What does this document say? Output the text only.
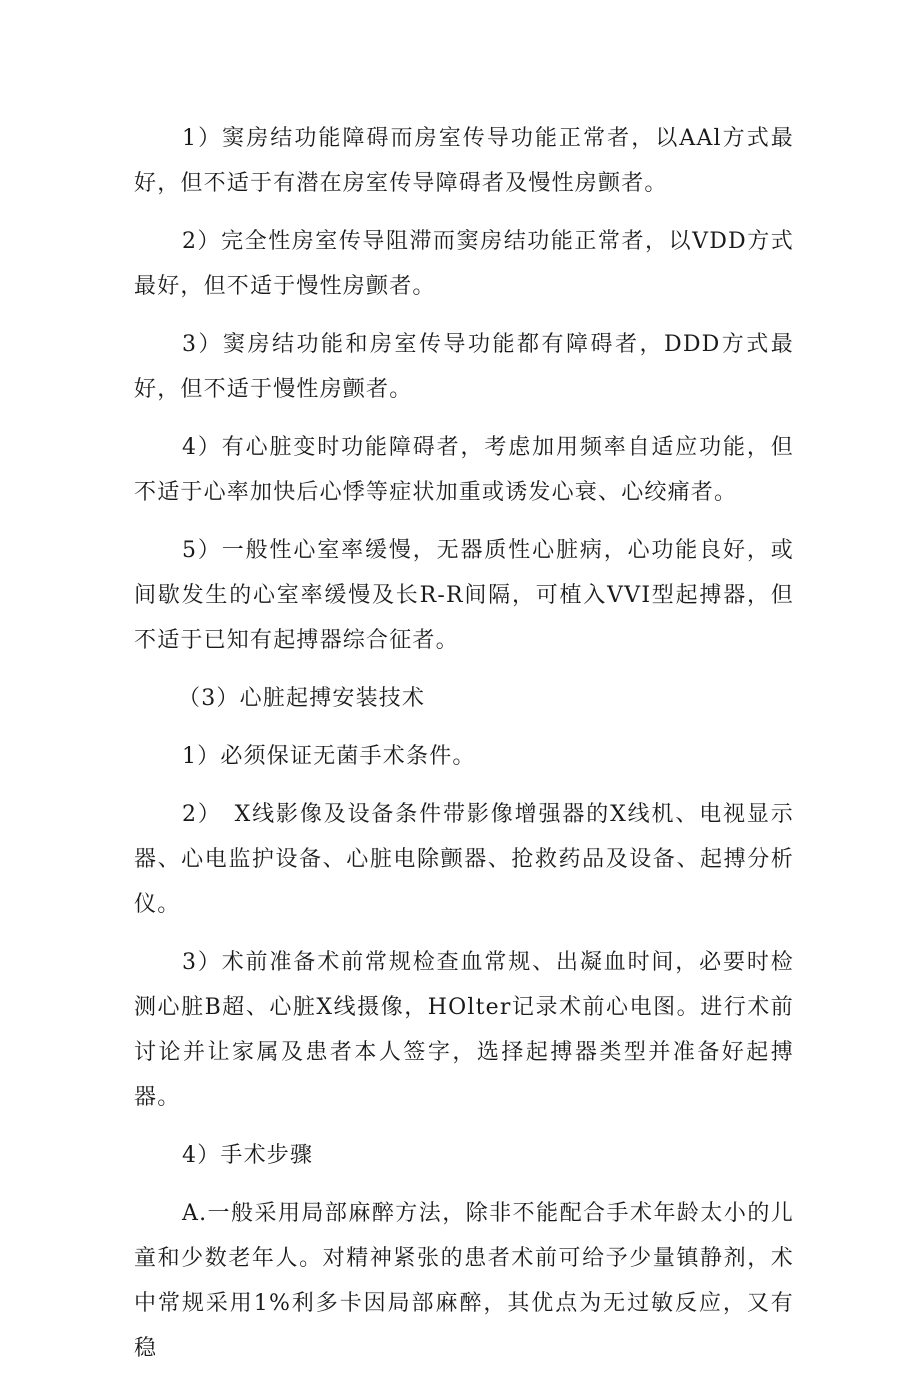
1）窦房结功能障碍而房室传导功能正常者，以AAl方式最好，但不适于有潜在房室传导障碍者及慢性房颤者。

2）完全性房室传导阻滞而窦房结功能正常者，以VDD方式最好，但不适于慢性房颤者。

3）窦房结功能和房室传导功能都有障碍者，DDD方式最好，但不适于慢性房颤者。

4）有心脏变时功能障碍者，考虑加用频率自适应功能，但不适于心率加快后心悸等症状加重或诱发心衰、心绞痛者。

5）一般性心室率缓慢，无器质性心脏病，心功能良好，或间歇发生的心室率缓慢及长R-R间隔，可植入VVI型起搏器，但不适于已知有起搏器综合征者。

（3）心脏起搏安装技术

1）必须保证无菌手术条件。

2）　X线影像及设备条件带影像增强器的X线机、电视显示器、心电监护设备、心脏电除颤器、抢救药品及设备、起搏分析仪。

3）术前准备术前常规检查血常规、出凝血时间，必要时检测心脏B超、心脏X线摄像，HOlter记录术前心电图。进行术前讨论并让家属及患者本人签字，选择起搏器类型并准备好起搏器。

4）手术步骤

A.一般采用局部麻醉方法，除非不能配合手术年龄太小的儿童和少数老年人。对精神紧张的患者术前可给予少量镇静剂，术中常规采用1%利多卡因局部麻醉，其优点为无过敏反应，又有稳
